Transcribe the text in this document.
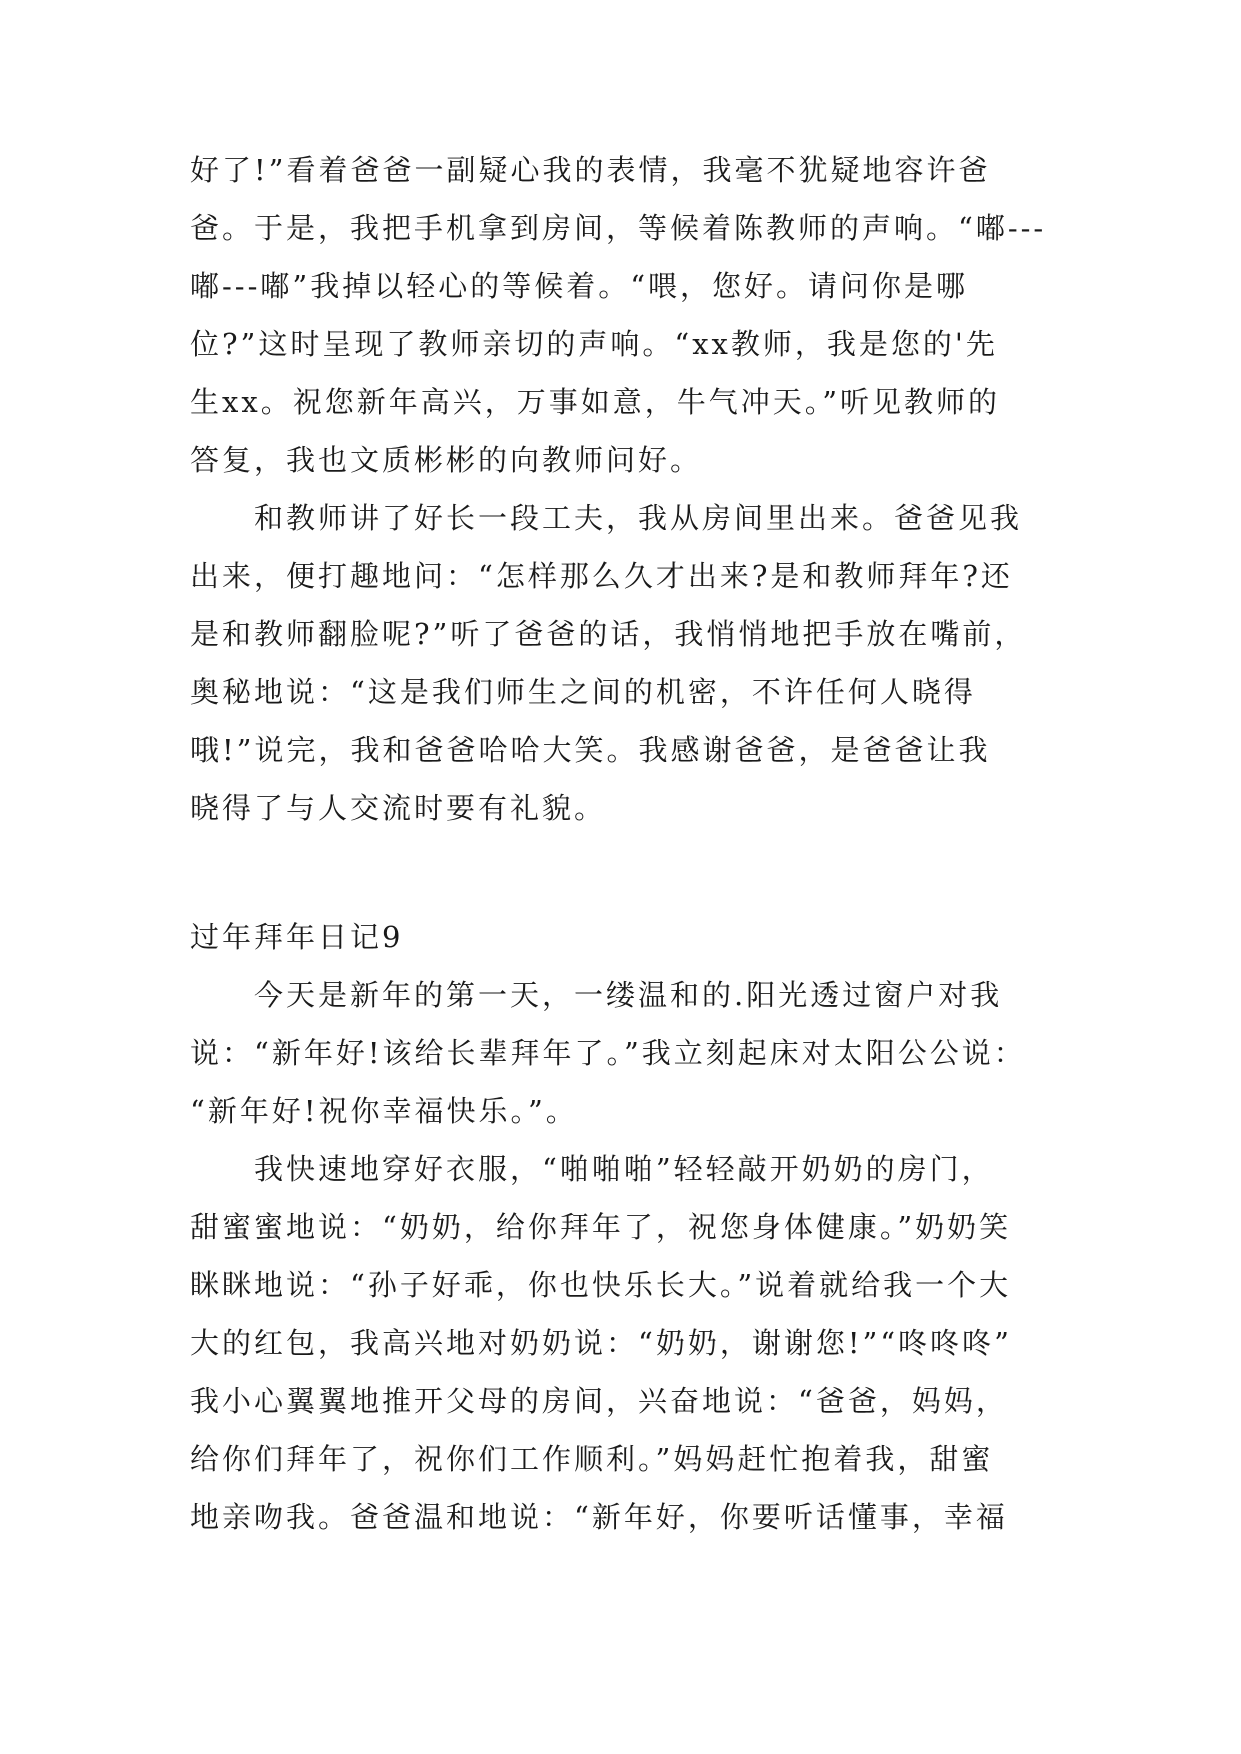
好了!”看着爸爸一副疑心我的表情，我毫不犹疑地容许爸
爸。于是，我把手机拿到房间，等候着陈教师的声响。“嘟---
嘟---嘟”我掉以轻心的等候着。“喂，您好。请问你是哪
位?”这时呈现了教师亲切的声响。“xx教师，我是您的'先
生xx。祝您新年高兴，万事如意，牛气冲天。”听见教师的
答复，我也文质彬彬的向教师问好。
和教师讲了好长一段工夫，我从房间里出来。爸爸见我
出来，便打趣地问：“怎样那么久才出来?是和教师拜年?还
是和教师翻脸呢?”听了爸爸的话，我悄悄地把手放在嘴前，
奥秘地说：“这是我们师生之间的机密，不许任何人晓得
哦!”说完，我和爸爸哈哈大笑。我感谢爸爸，是爸爸让我
晓得了与人交流时要有礼貌。
过年拜年日记9
今天是新年的第一天，一缕温和的.阳光透过窗户对我
说：“新年好!该给长辈拜年了。”我立刻起床对太阳公公说：
“新年好!祝你幸福快乐。”。
我快速地穿好衣服，“啪啪啪”轻轻敲开奶奶的房门，
甜蜜蜜地说：“奶奶，给你拜年了，祝您身体健康。”奶奶笑
眯眯地说：“孙子好乖，你也快乐长大。”说着就给我一个大
大的红包，我高兴地对奶奶说：“奶奶，谢谢您!”“咚咚咚”
我小心翼翼地推开父母的房间，兴奋地说：“爸爸，妈妈，
给你们拜年了，祝你们工作顺利。”妈妈赶忙抱着我，甜蜜
地亲吻我。爸爸温和地说：“新年好，你要听话懂事，幸福
